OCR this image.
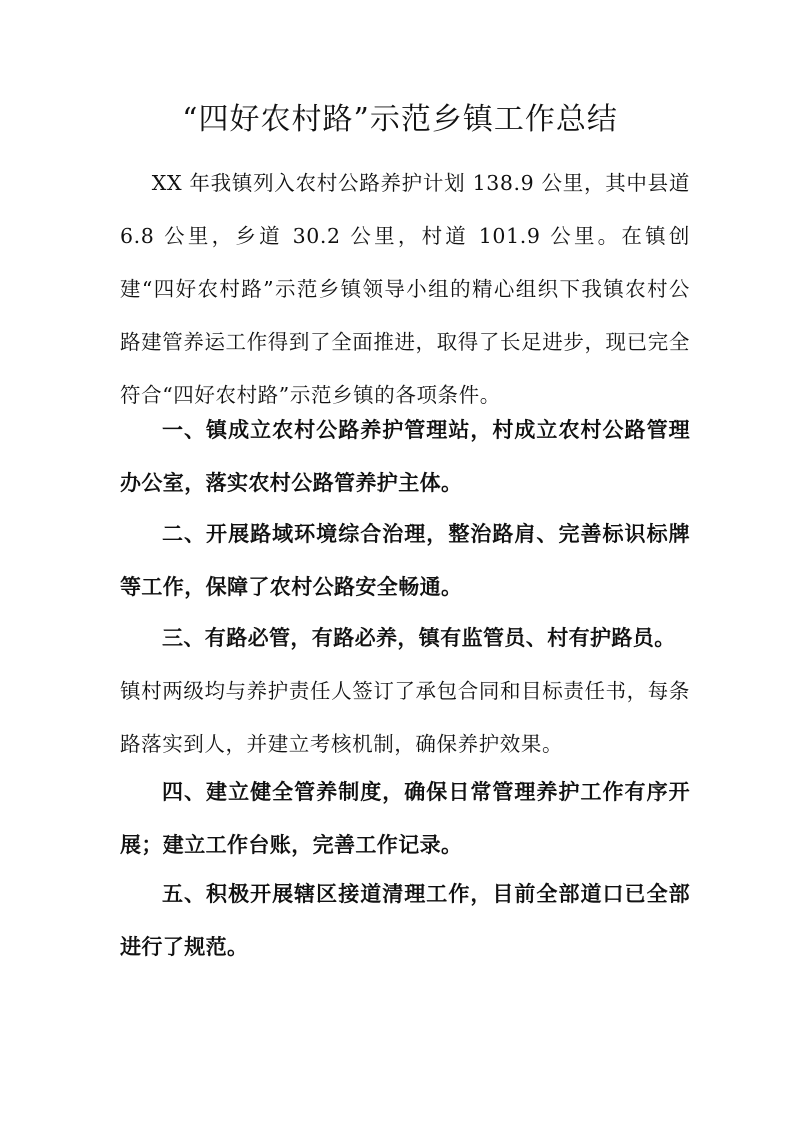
“四好农村路”示范乡镇工作总结

XX 年我镇列入农村公路养护计划 138.9 公里，其中县道 6.8 公里，乡道 30.2 公里，村道 101.9 公里。在镇创建“四好农村路”示范乡镇领导小组的精心组织下我镇农村公路建管养运工作得到了全面推进，取得了长足进步，现已完全符合“四好农村路”示范乡镇的各项条件。

一、镇成立农村公路养护管理站，村成立农村公路管理办公室，落实农村公路管养护主体。

二、开展路域环境综合治理，整治路肩、完善标识标牌等工作，保障了农村公路安全畅通。

三、有路必管，有路必养，镇有监管员、村有护路员。

镇村两级均与养护责任人签订了承包合同和目标责任书，每条路落实到人，并建立考核机制，确保养护效果。

四、建立健全管养制度，确保日常管理养护工作有序开展；建立工作台账，完善工作记录。

五、积极开展辖区接道清理工作，目前全部道口已全部进行了规范。
